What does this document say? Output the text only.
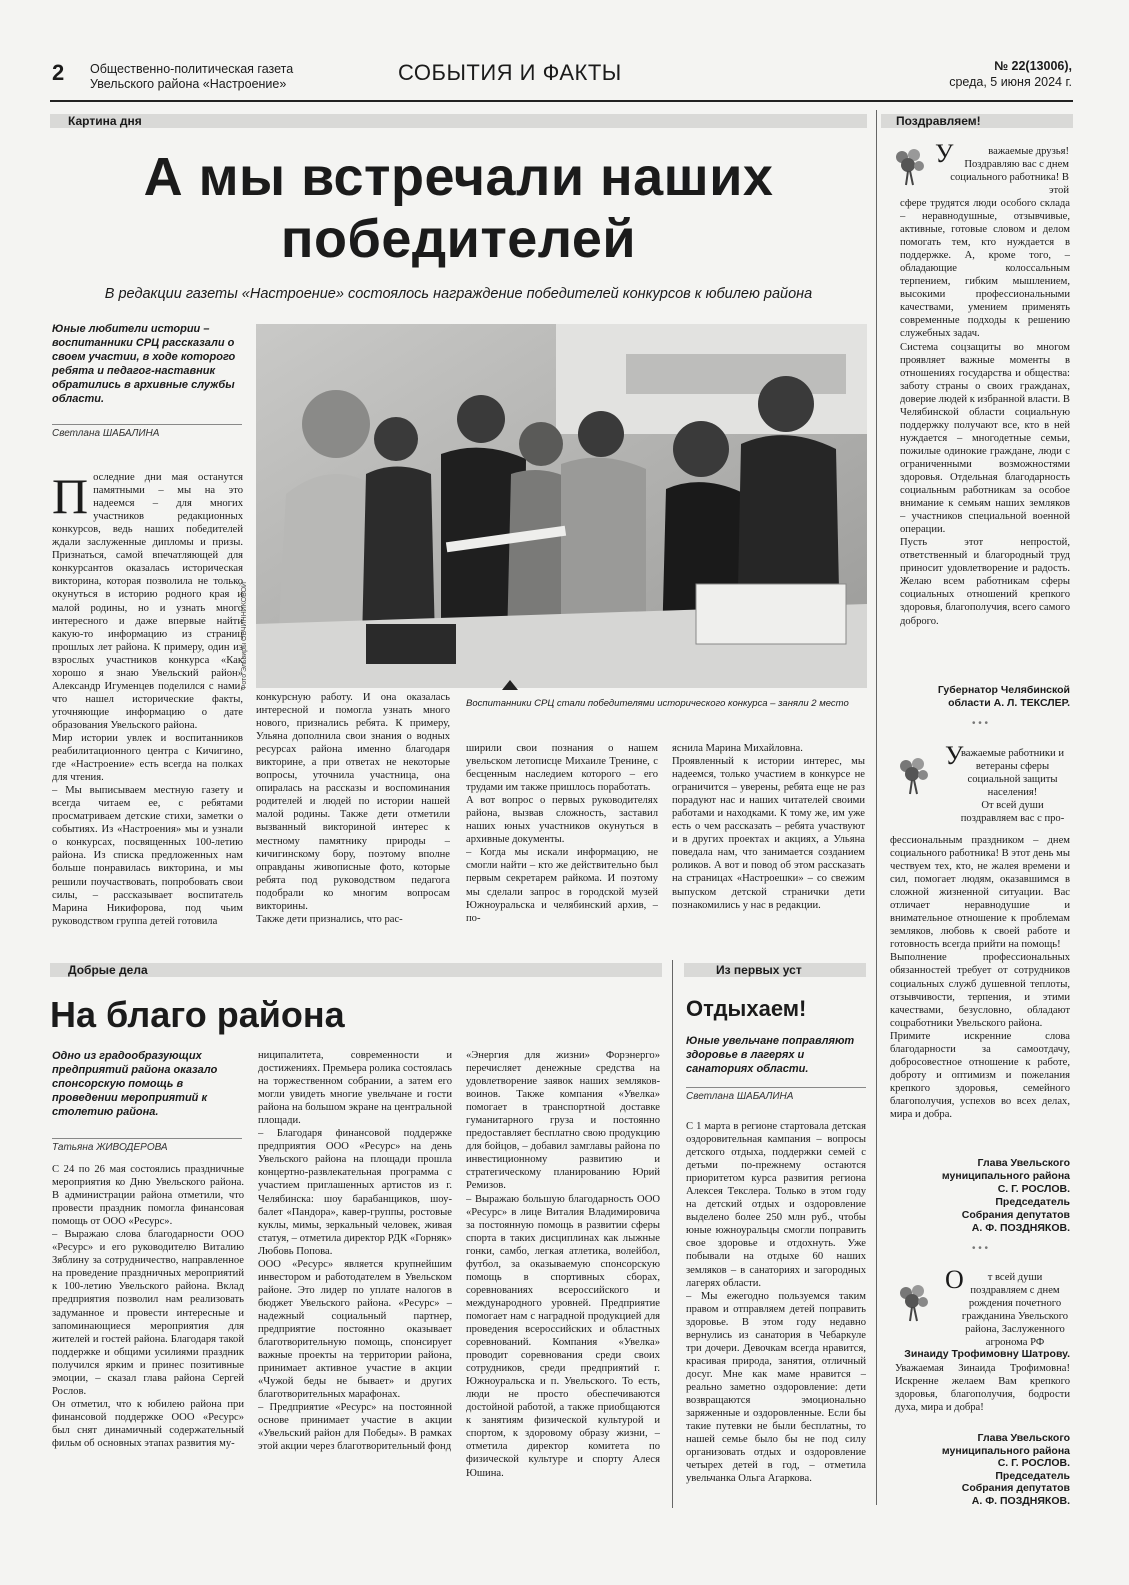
2 Общественно-политическая газета
Увельского района «Настроение»	СОБЫТИЯ И ФАКТЫ	№ 22(13006),
среда, 5 июня 2024 г.
Картина дня
А мы встречали наших
победителей
В редакции газеты «Настроение» состоялось награждение победителей конкурсов к юбилею района
Юные любители истории – воспитанники СРЦ рассказали о своем участии, в ходе которого ребята и педагог-наставник обратились в архивные службы области.
Светлана ШАБАЛИНА

Последние дни мая останутся памятными – мы на это надеемся – для многих участников редакционных конкурсов, ведь наших победителей ждали заслуженные дипломы и призы. Признаться, самой впечатляющей для конкурсантов оказалась историческая викторина, которая позволила не только окунуться в историю родного края и малой родины, но и узнать много интересного и даже впервые найти какую-то информацию из страниц прошлых лет района. К примеру, один из взрослых участников конкурса «Как хорошо я знаю Увельский район» Александр Игуменцев поделился с нами, что нашел исторические факты, уточняющие информацию о дате образования Увельского района.
Мир истории увлек и воспитанников реабилитационного центра с Кичигино, где «Настроение» есть всегда на полках для чтения.
– Мы выписываем местную газету и всегда читаем ее, с ребятами просматриваем детские стихи, заметки о событиях. Из «Настроения» мы и узнали о конкурсах, посвященных 100-летию района. Из списка предложенных нам больше понравилась викторина, и мы решили поучаствовать, попробовать свои силы, – рассказывает воспитатель Марина Никифорова, под чьим руководством группа детей готовила

Фото Эльвиры ОВЧИННИКОВОЙ
Воспитанники СРЦ стали победителями исторического конкурса – заняли 2 место
конкурсную работу. И она оказалась интересной и помогла узнать много нового, признались ребята. К примеру, Ульяна дополнила свои знания о водных ресурсах района именно благодаря викторине, а при ответах не некоторые вопросы, уточнила участница, она опиралась на рассказы и воспоминания родителей и людей по истории нашей малой родины. Также дети отметили вызванный викториной интерес к местному памятнику природы – кичигинскому бору, поэтому вполне оправданы живописные фото, которые ребята под руководством педагога подобрали ко многим вопросам викторины.
Также дети признались, что рас-
ширили свои познания о нашем увельском летописце Михаиле Тренине, с бесценным наследием которого – его трудами им также пришлось поработать.
А вот вопрос о первых руководителях района, вызвав сложность, заставил наших юных участников окунуться в архивные документы.
– Когда мы искали информацию, не смогли найти – кто же действительно был первым секретарем райкома. И поэтому мы сделали запрос в городской музей Южноуральска и челябинский архив, – по-
яснила Марина Михайловна.
Проявленный к истории интерес, мы надеемся, только участием в конкурсе не ограничится – уверены, ребята еще не раз порадуют нас и наших читателей своими работами и находками. К тому же, им уже есть о чем рассказать – ребята участвуют и в других проектах и акциях, а Ульяна поведала нам, что занимается созданием роликов. А вот и повод об этом рассказать на страницах «Настроешки» – со свежим выпуском детской странички дети познакомились у нас в редакции.
Добрые дела
На благо района
Одно из градообразующих предприятий района оказало спонсорскую помощь в проведении мероприятий к столетию района.
Татьяна ЖИВОДЕРОВА
С 24 по 26 мая состоялись праздничные мероприятия ко Дню Увельского района. В администрации района отметили, что провести праздник помогла финансовая помощь от ООО «Ресурс».
– Выражаю слова благодарности ООО «Ресурс» и его руководителю Виталию Зяблину за сотрудничество, направленное на проведение праздничных мероприятий к 100-летию Увельского района. Вклад предприятия позволил нам реализовать задуманное и провести интересные и запоминающиеся мероприятия для жителей и гостей района. Благодаря такой поддержке и общими усилиями праздник получился ярким и принес позитивные эмоции, – сказал глава района Сергей Рослов.
Он отметил, что к юбилею района при финансовой поддержке ООО «Ресурс» был снят динамичный содержательный фильм об основных этапах развития му-
ниципалитета, современности и достижениях. Премьера ролика состоялась на торжественном собрании, а затем его могли увидеть многие увельчане и гости района на большом экране на центральной площади.
– Благодаря финансовой поддержке предприятия ООО «Ресурс» на день Увельского района на площади прошла концертно-развлекательная программа с участием приглашенных артистов из г. Челябинска: шоу барабанщиков, шоу-балет «Пандора», кавер-группы, ростовые куклы, мимы, зеркальный человек, живая статуя, – отметила директор РДК «Горняк» Любовь Попова.
ООО «Ресурс» является крупнейшим инвестором и работодателем в Увельском районе. Это лидер по уплате налогов в бюджет Увельского района. «Ресурс» – надежный социальный партнер, предприятие постоянно оказывает благотворительную помощь, спонсирует важные проекты на территории района, принимает активное участие в акции «Чужой беды не бывает» и других благотворительных марафонах.
– Предприятие «Ресурс» на постоянной основе принимает участие в акции «Увельский район для Победы». В рамках этой акции через благотворительный фонд
«Энергия для жизни» Форэнерго» перечисляет денежные средства на удовлетворение заявок наших земляков-воинов. Также компания «Увелка» помогает в транспортной доставке гуманитарного груза и постоянно предоставляет бесплатно свою продукцию для бойцов, – добавил замглавы района по инвестиционному развитию и стратегическому планированию Юрий Ремизов.
– Выражаю большую благодарность ООО «Ресурс» в лице Виталия Владимировича за постоянную помощь в развитии сферы спорта в таких дисциплинах как лыжные гонки, самбо, легкая атлетика, волейбол, футбол, за оказываемую спонсорскую помощь в спортивных сборах, соревнованиях всероссийского и международного уровней. Предприятие помогает нам с наградной продукцией для проведения всероссийских и областных соревнований. Компания «Увелка» проводит соревнования среди своих сотрудников, среди предприятий г. Южноуральска и п. Увельского. То есть, люди не просто обеспечиваются достойной работой, а также приобщаются к занятиям физической культурой и спортом, к здоровому образу жизни, – отметила директор комитета по физической культуре и спорту Алеся Юшина.
Из первых уст
Отдыхаем!
Юные увельчане поправляют здоровье в лагерях и санаториях области.
Светлана ШАБАЛИНА
С 1 марта в регионе стартовала детская оздоровительная кампания – вопросы детского отдыха, поддержки семей с детьми по-прежнему остаются приоритетом курса развития региона Алексея Текслера. Только в этом году на детский отдых и оздоровление выделено более 250 млн руб., чтобы юные южноуральцы смогли поправить свое здоровье и отдохнуть. Уже побывали на отдыхе 60 наших земляков – в санаториях и загородных лагерях области.
– Мы ежегодно пользуемся таким правом и отправляем детей поправить здоровье. В этом году недавно вернулись из санатория в Чебаркуле три дочери. Девочкам всегда нравится, красивая природа, занятия, отличный досуг. Мне как маме нравится – реально заметно оздоровление: дети возвращаются эмоционально заряженные и оздоровленные. Если бы такие путевки не были бесплатны, то нашей семье было бы не под силу организовать отдых и оздоровление четырех детей в год, – отметила увельчанка Ольга Агаркова.
Поздравляем!
У	важаемые друзья!
Поздравляю вас с днем социального работника! В этой
сфере трудятся люди особого склада – неравнодушные, отзывчивые, активные, готовые словом и делом помогать тем, кто нуждается в поддержке. А, кроме того, – обладающие колоссальным терпением, гибким мышлением, высокими профессиональными качествами, умением применять современные подходы к решению служебных задач.
Система соцзащиты во многом проявляет важные моменты в отношениях государства и общества: заботу страны о своих гражданах, доверие людей к избранной власти. В Челябинской области социальную поддержку получают все, кто в ней нуждается – многодетные семьи, пожилые одинокие граждане, люди с ограниченными возможностями здоровья. Отдельная благодарность социальным работникам за особое внимание к семьям наших земляков – участников специальной военной операции.
Пусть этот непростой, ответственный и благородный труд приносит удовлетворение и радость. Желаю всем работникам сферы социальных отношений крепкого здоровья, благополучия, всего самого доброго.
Губернатор Челябинской
области А. Л. ТЕКСЛЕР.
• • •
У
важаемые работники и ветераны сферы социальной защиты населения!
От всей души поздравляем вас с про-
фессиональным праздником – днем социального работника! В этот день мы чествуем тех, кто, не жалея времени и сил, помогает людям, оказавшимся в сложной жизненной ситуации. Вас отличает неравнодушие и внимательное отношение к проблемам земляков, любовь к своей работе и готовность всегда прийти на помощь!
Выполнение профессиональных обязанностей требует от сотрудников социальных служб душевной теплоты, отзывчивости, терпения, и этими качествами, безусловно, обладают соцработники Увельского района.
Примите искренние слова благодарности за самоотдачу, добросовестное отношение к работе, доброту и оптимизм и пожелания крепкого здоровья, семейного благополучия, успехов во всех делах, мира и добра.
Глава Увельского
муниципального района
С. Г. РОСЛОВ.
Председатель
Собрания депутатов
А. Ф. ПОЗДНЯКОВ.
• • •
О	т всей души поздравляем с днем рождения почетного гражданина Увельского района, Заслуженного агронома РФ
Зинаиду Трофимовну Шатрову.
Уважаемая Зинаида Трофимовна! Искренне желаем Вам крепкого здоровья, благополучия, бодрости духа, мира и добра!
Глава Увельского
муниципального района
С. Г. РОСЛОВ.
Председатель
Собрания депутатов
А. Ф. ПОЗДНЯКОВ.
